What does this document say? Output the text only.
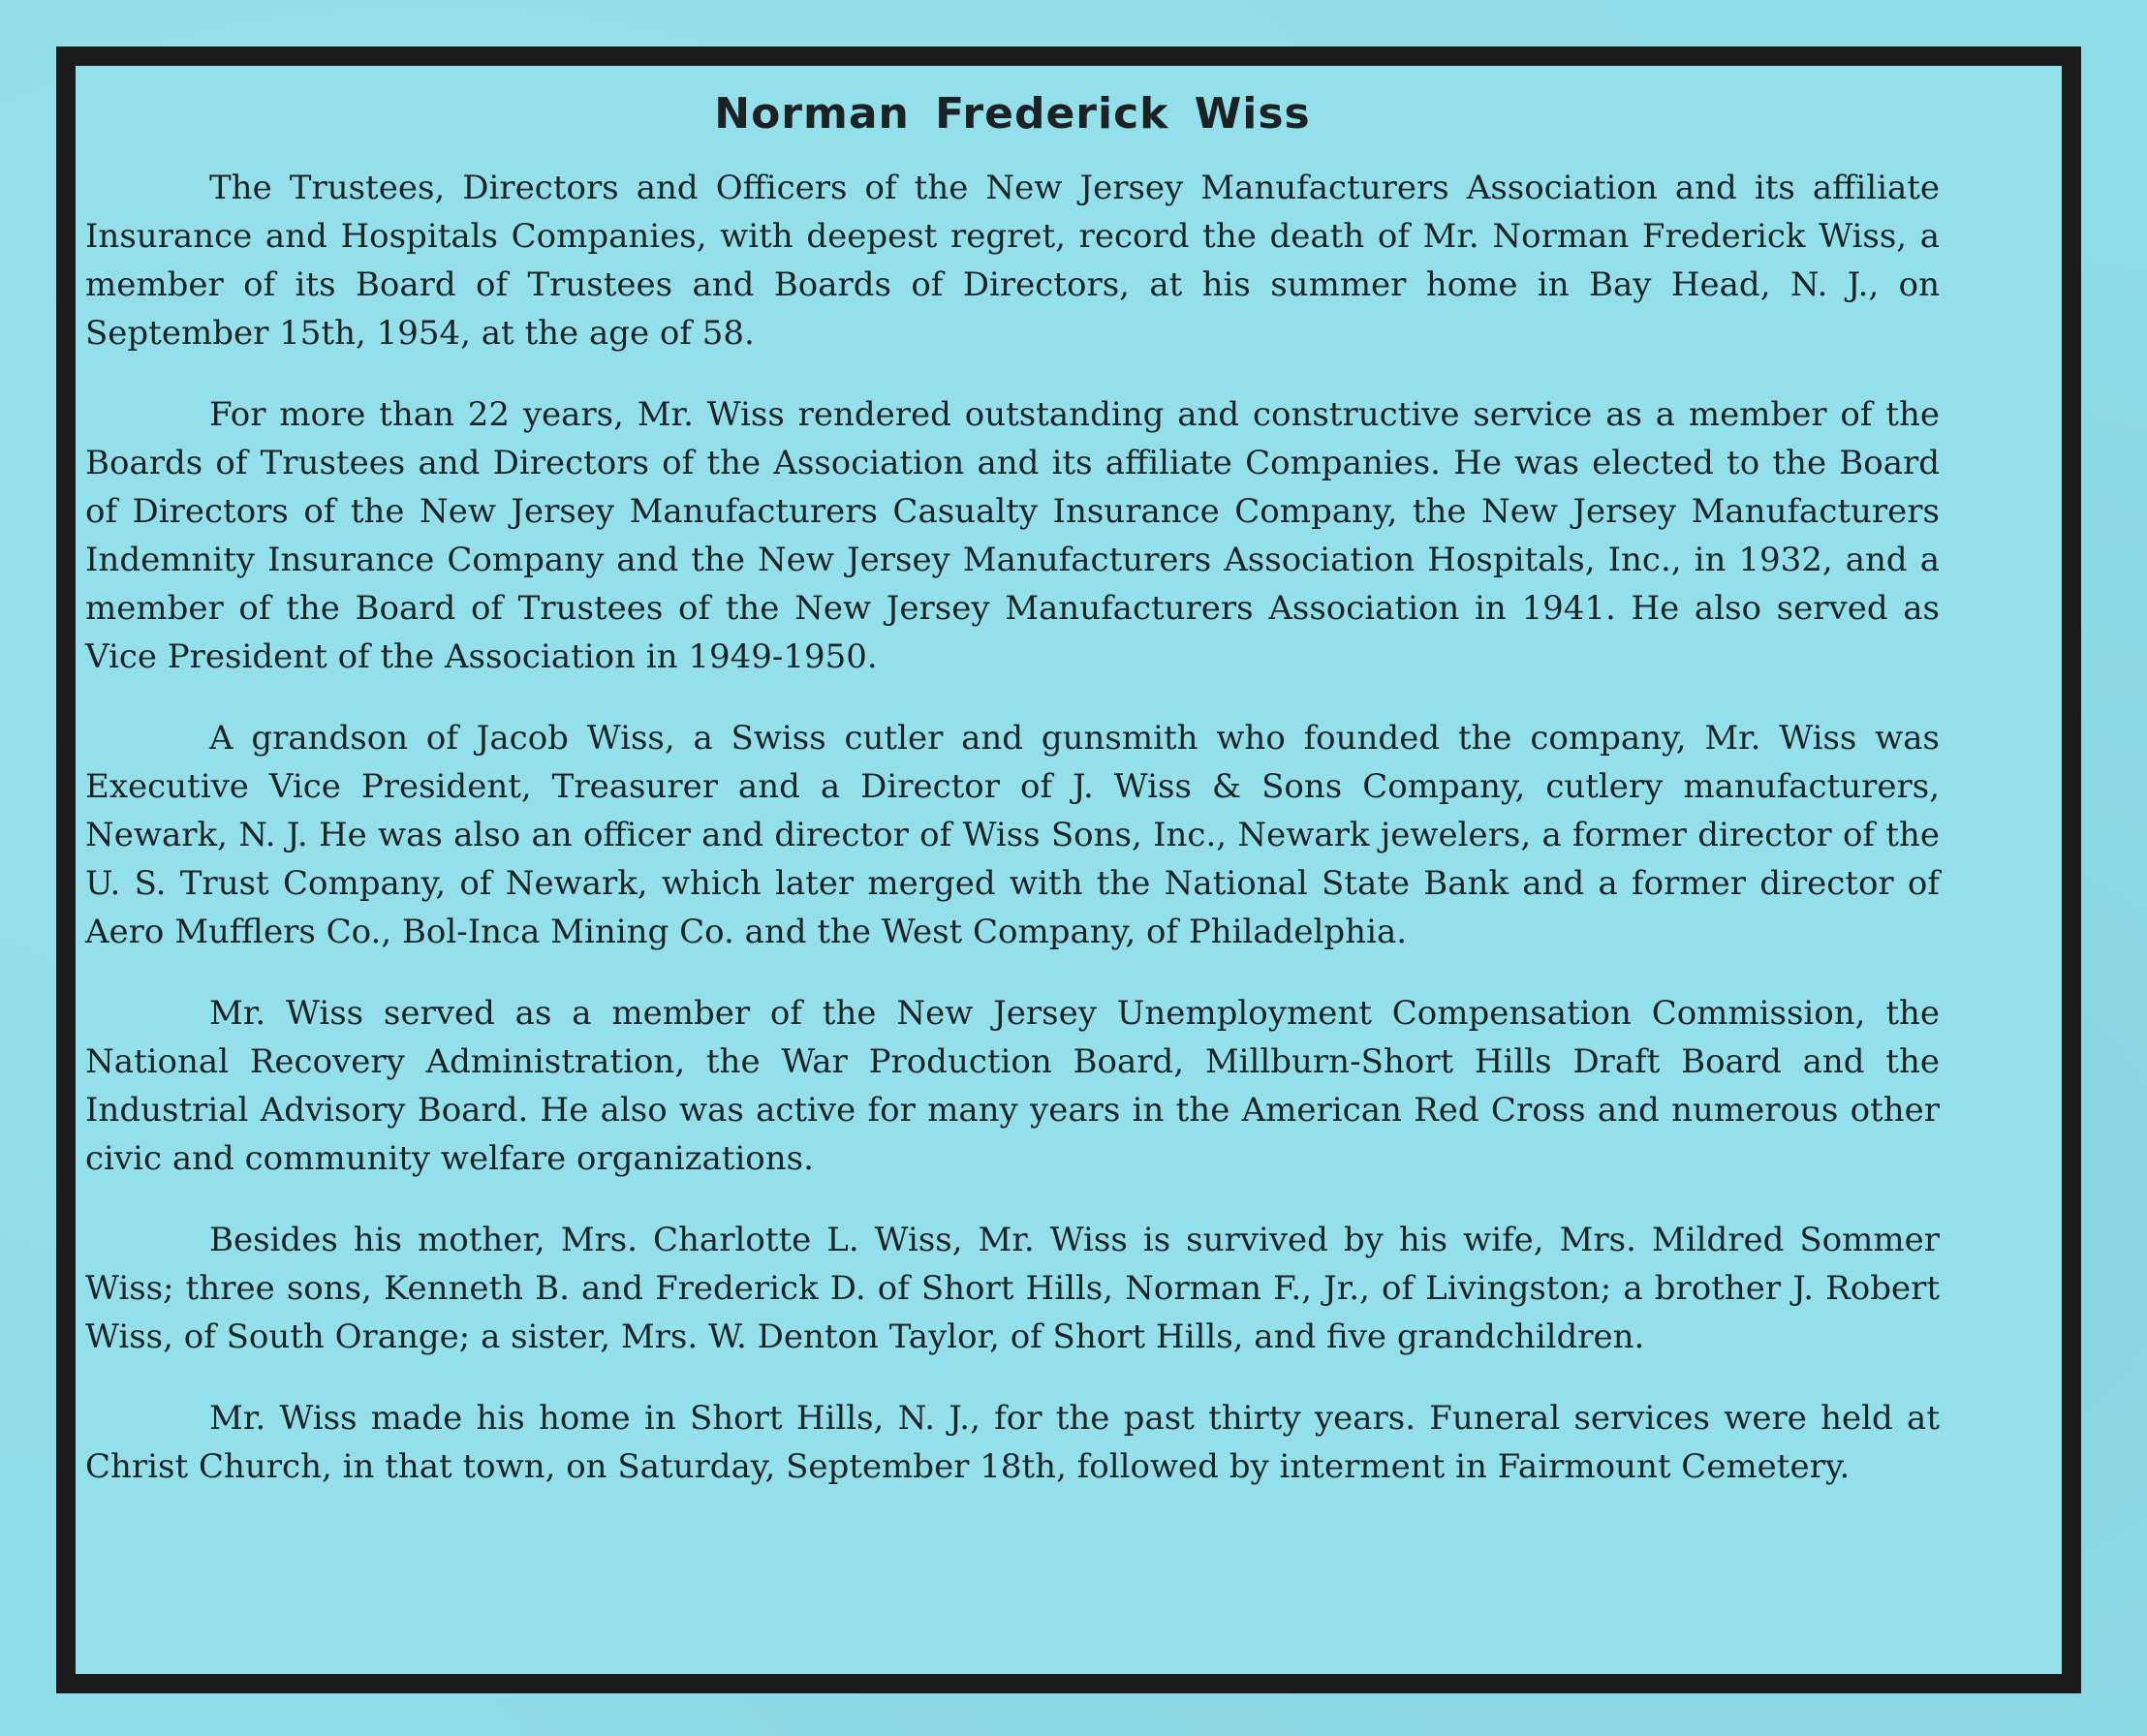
Norman Frederick Wiss

The Trustees, Directors and Officers of the New Jersey Manufacturers Association and its affiliate Insurance and Hospitals Companies, with deepest regret, record the death of Mr. Norman Frederick Wiss, a member of its Board of Trustees and Boards of Directors, at his summer home in Bay Head, N. J., on September 15th, 1954, at the age of 58.

For more than 22 years, Mr. Wiss rendered outstanding and constructive service as a member of the Boards of Trustees and Directors of the Association and its affiliate Companies. He was elected to the Board of Directors of the New Jersey Manufacturers Casualty Insurance Company, the New Jersey Manufacturers Indemnity Insurance Company and the New Jersey Manufacturers Association Hospitals, Inc., in 1932, and a member of the Board of Trustees of the New Jersey Manufacturers Association in 1941. He also served as Vice President of the Association in 1949-1950.

A grandson of Jacob Wiss, a Swiss cutler and gunsmith who founded the company, Mr. Wiss was Executive Vice President, Treasurer and a Director of J. Wiss & Sons Company, cutlery manufacturers, Newark, N. J. He was also an officer and director of Wiss Sons, Inc., Newark jewelers, a former director of the U. S. Trust Company, of Newark, which later merged with the National State Bank and a former director of Aero Mufflers Co., Bol-Inca Mining Co. and the West Company, of Philadelphia.

Mr. Wiss served as a member of the New Jersey Unemployment Compensation Commission, the National Recovery Administration, the War Production Board, Millburn-Short Hills Draft Board and the Industrial Advisory Board. He also was active for many years in the American Red Cross and numerous other civic and community welfare organizations.

Besides his mother, Mrs. Charlotte L. Wiss, Mr. Wiss is survived by his wife, Mrs. Mildred Sommer Wiss; three sons, Kenneth B. and Frederick D. of Short Hills, Norman F., Jr., of Livingston; a brother J. Robert Wiss, of South Orange; a sister, Mrs. W. Denton Taylor, of Short Hills, and five grandchildren.

Mr. Wiss made his home in Short Hills, N. J., for the past thirty years. Funeral services were held at Christ Church, in that town, on Saturday, September 18th, followed by interment in Fairmount Cemetery.
